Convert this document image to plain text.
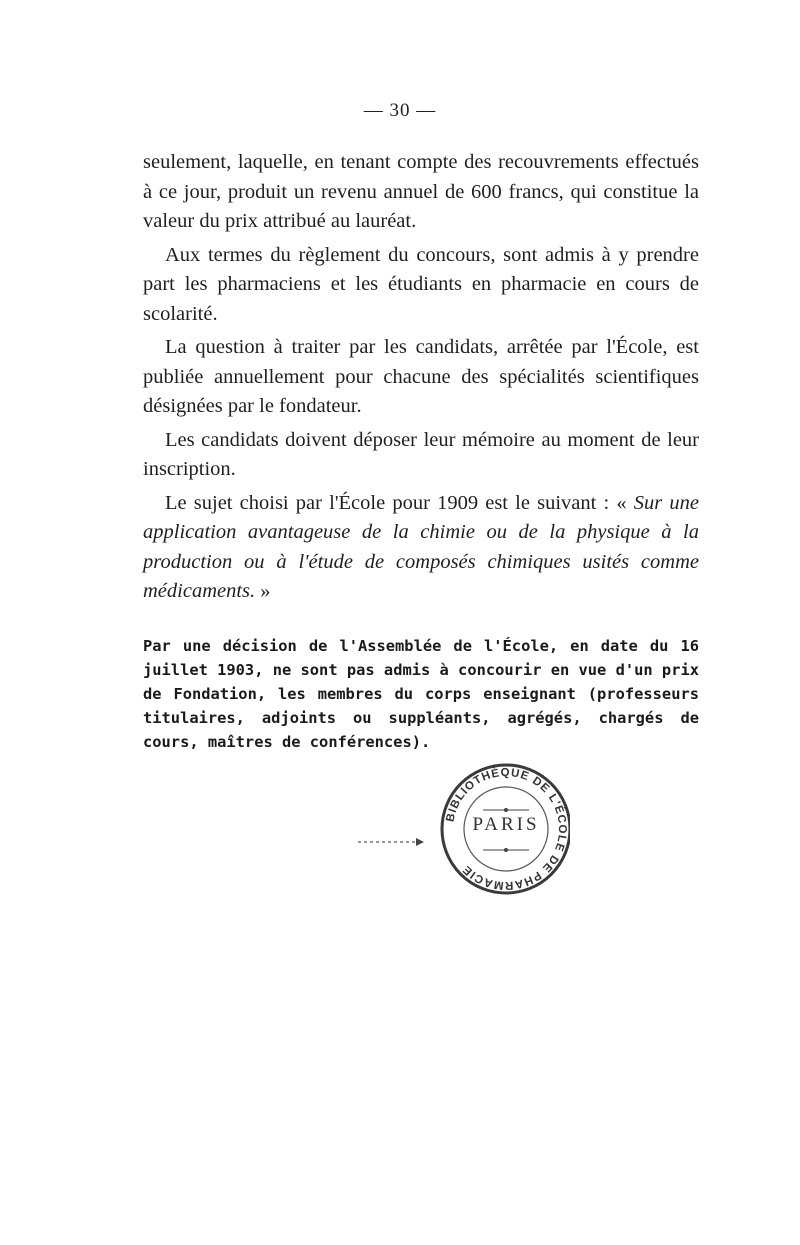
— 30 —

seulement, laquelle, en tenant compte des recouvrements effectués à ce jour, produit un revenu annuel de 600 francs, qui constitue la valeur du prix attribué au lauréat.

Aux termes du règlement du concours, sont admis à y prendre part les pharmaciens et les étudiants en pharmacie en cours de scolarité.

La question à traiter par les candidats, arrêtée par l'École, est publiée annuellement pour chacune des spécialités scientifiques désignées par le fondateur.

Les candidats doivent déposer leur mémoire au moment de leur inscription.

Le sujet choisi par l'École pour 1909 est le suivant : « Sur une application avantageuse de la chimie ou de la physique à la production ou à l'étude de composés chimiques usités comme médicaments. »

Par une décision de l'Assemblée de l'École, en date du 16 juillet 1903, ne sont pas admis à concourir en vue d'un prix de Fondation, les membres du corps enseignant (professeurs titulaires, adjoints ou suppléants, agrégés, chargés de cours, maîtres de conférences).
BIBLIOTHÈQUE DE L'ÉCOLE DE PHARMACIE
PARIS
